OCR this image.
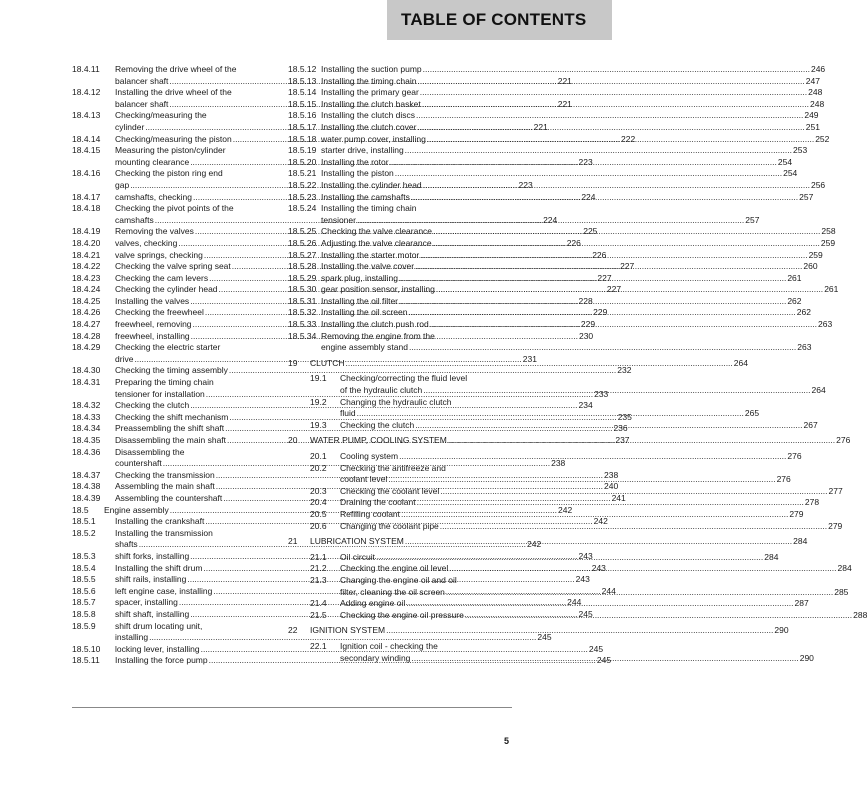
TABLE OF CONTENTS
18.4.11	Removing the drive wheel of the
balancer shaft .....	221
18.4.12	Installing the drive wheel of the
balancer shaft .....	221
18.4.13	Checking/measuring the
cylinder .....	221
18.4.14	Checking/measuring the piston .....	222
18.4.15	Measuring the piston/cylinder
mounting clearance .....	223
18.4.16	Checking the piston ring end
gap .....	223
18.4.17	camshafts, checking .....	224
18.4.18	Checking the pivot points of the
camshafts .....	224
18.4.19	Removing the valves .....	225
18.4.20	valves, checking .....	226
18.4.21	valve springs, checking .....	226
18.4.22	Checking the valve spring seat .....	227
18.4.23	Checking the cam levers .....	227
18.4.24	Checking the cylinder head .....	227
18.4.25	Installing the valves .....	228
18.4.26	Checking the freewheel .....	229
18.4.27	freewheel, removing .....	229
18.4.28	freewheel, installing .....	230
18.4.29	Checking the electric starter
drive .....	231
18.4.30	Checking the timing assembly .....	232
18.4.31	Preparing the timing chain
tensioner for installation .....	233
18.4.32	Checking the clutch .....	234
18.4.33	Checking the shift mechanism .....	235
18.4.34	Preassembling the shift shaft .....	236
18.4.35	Disassembling the main shaft .....	237
18.4.36	Disassembling the
countershaft .....	238
18.4.37	Checking the transmission .....	238
18.4.38	Assembling the main shaft .....	240
18.4.39	Assembling the countershaft .....	241
18.5	Engine assembly .....	242
18.5.1	Installing the crankshaft .....	242
18.5.2	Installing the transmission
shafts .....	242
18.5.3	shift forks, installing .....	243
18.5.4	Installing the shift drum .....	243
18.5.5	shift rails, installing .....	243
18.5.6	left engine case, installing .....	244
18.5.7	spacer, installing .....	244
18.5.8	shift shaft, installing .....	245
18.5.9	shift drum locating unit,
installing .....	245
18.5.10	locking lever, installing .....	245
18.5.11	Installing the force pump .....	245
18.5.12 Installing the suction pump .....	246
18.5.13 Installing the timing chain .....	247
18.5.14 Installing the primary gear .....	248
18.5.15 Installing the clutch basket .....	248
18.5.16 Installing the clutch discs .....	249
18.5.17 Installing the clutch cover .....	251
18.5.18 water pump cover, installing .....	252
18.5.19 starter drive, installing .....	253
18.5.20 Installing the rotor .....	254
18.5.21 Installing the piston .....	254
18.5.22 Installing the cylinder head .....	256
18.5.23 Installing the camshafts .....	257
18.5.24 Installing the timing chain
tensioner .....	257
18.5.25 Checking the valve clearance .....	258
18.5.26 Adjusting the valve clearance .....	259
18.5.27 Installing the starter motor .....	259
18.5.28 Installing the valve cover .....	260
18.5.29 spark plug, installing .....	261
18.5.30 gear position sensor, installing .....	261
18.5.31 Installing the oil filter .....	262
18.5.32 Installing the oil screen .....	262
18.5.33 Installing the clutch push rod .....	263
18.5.34 Removing the engine from the
engine assembly stand .....	263
19	CLUTCH .....	264
19.1	Checking/correcting the fluid level
of the hydraulic clutch .....	264
19.2	Changing the hydraulic clutch
fluid .....	265
19.3	Checking the clutch .....	267
20	WATER PUMP, COOLING SYSTEM .....	276
20.1	Cooling system .....	276
20.2	Checking the antifreeze and
coolant level .....	276
20.3	Checking the coolant level .....	277
20.4	Draining the coolant .....	278
20.5	Refilling coolant .....	279
20.6	Changing the coolant pipe .....	279
21	LUBRICATION SYSTEM .....	284
21.1	Oil circuit .....	284
21.2	Checking the engine oil level .....	284
21.3	Changing the engine oil and oil
filter, cleaning the oil screen .....	285
21.4	Adding engine oil .....	287
21.5	Checking the engine oil pressure .....	288
22	IGNITION SYSTEM .....	290
22.1	Ignition coil - checking the
secondary winding .....	290
5
